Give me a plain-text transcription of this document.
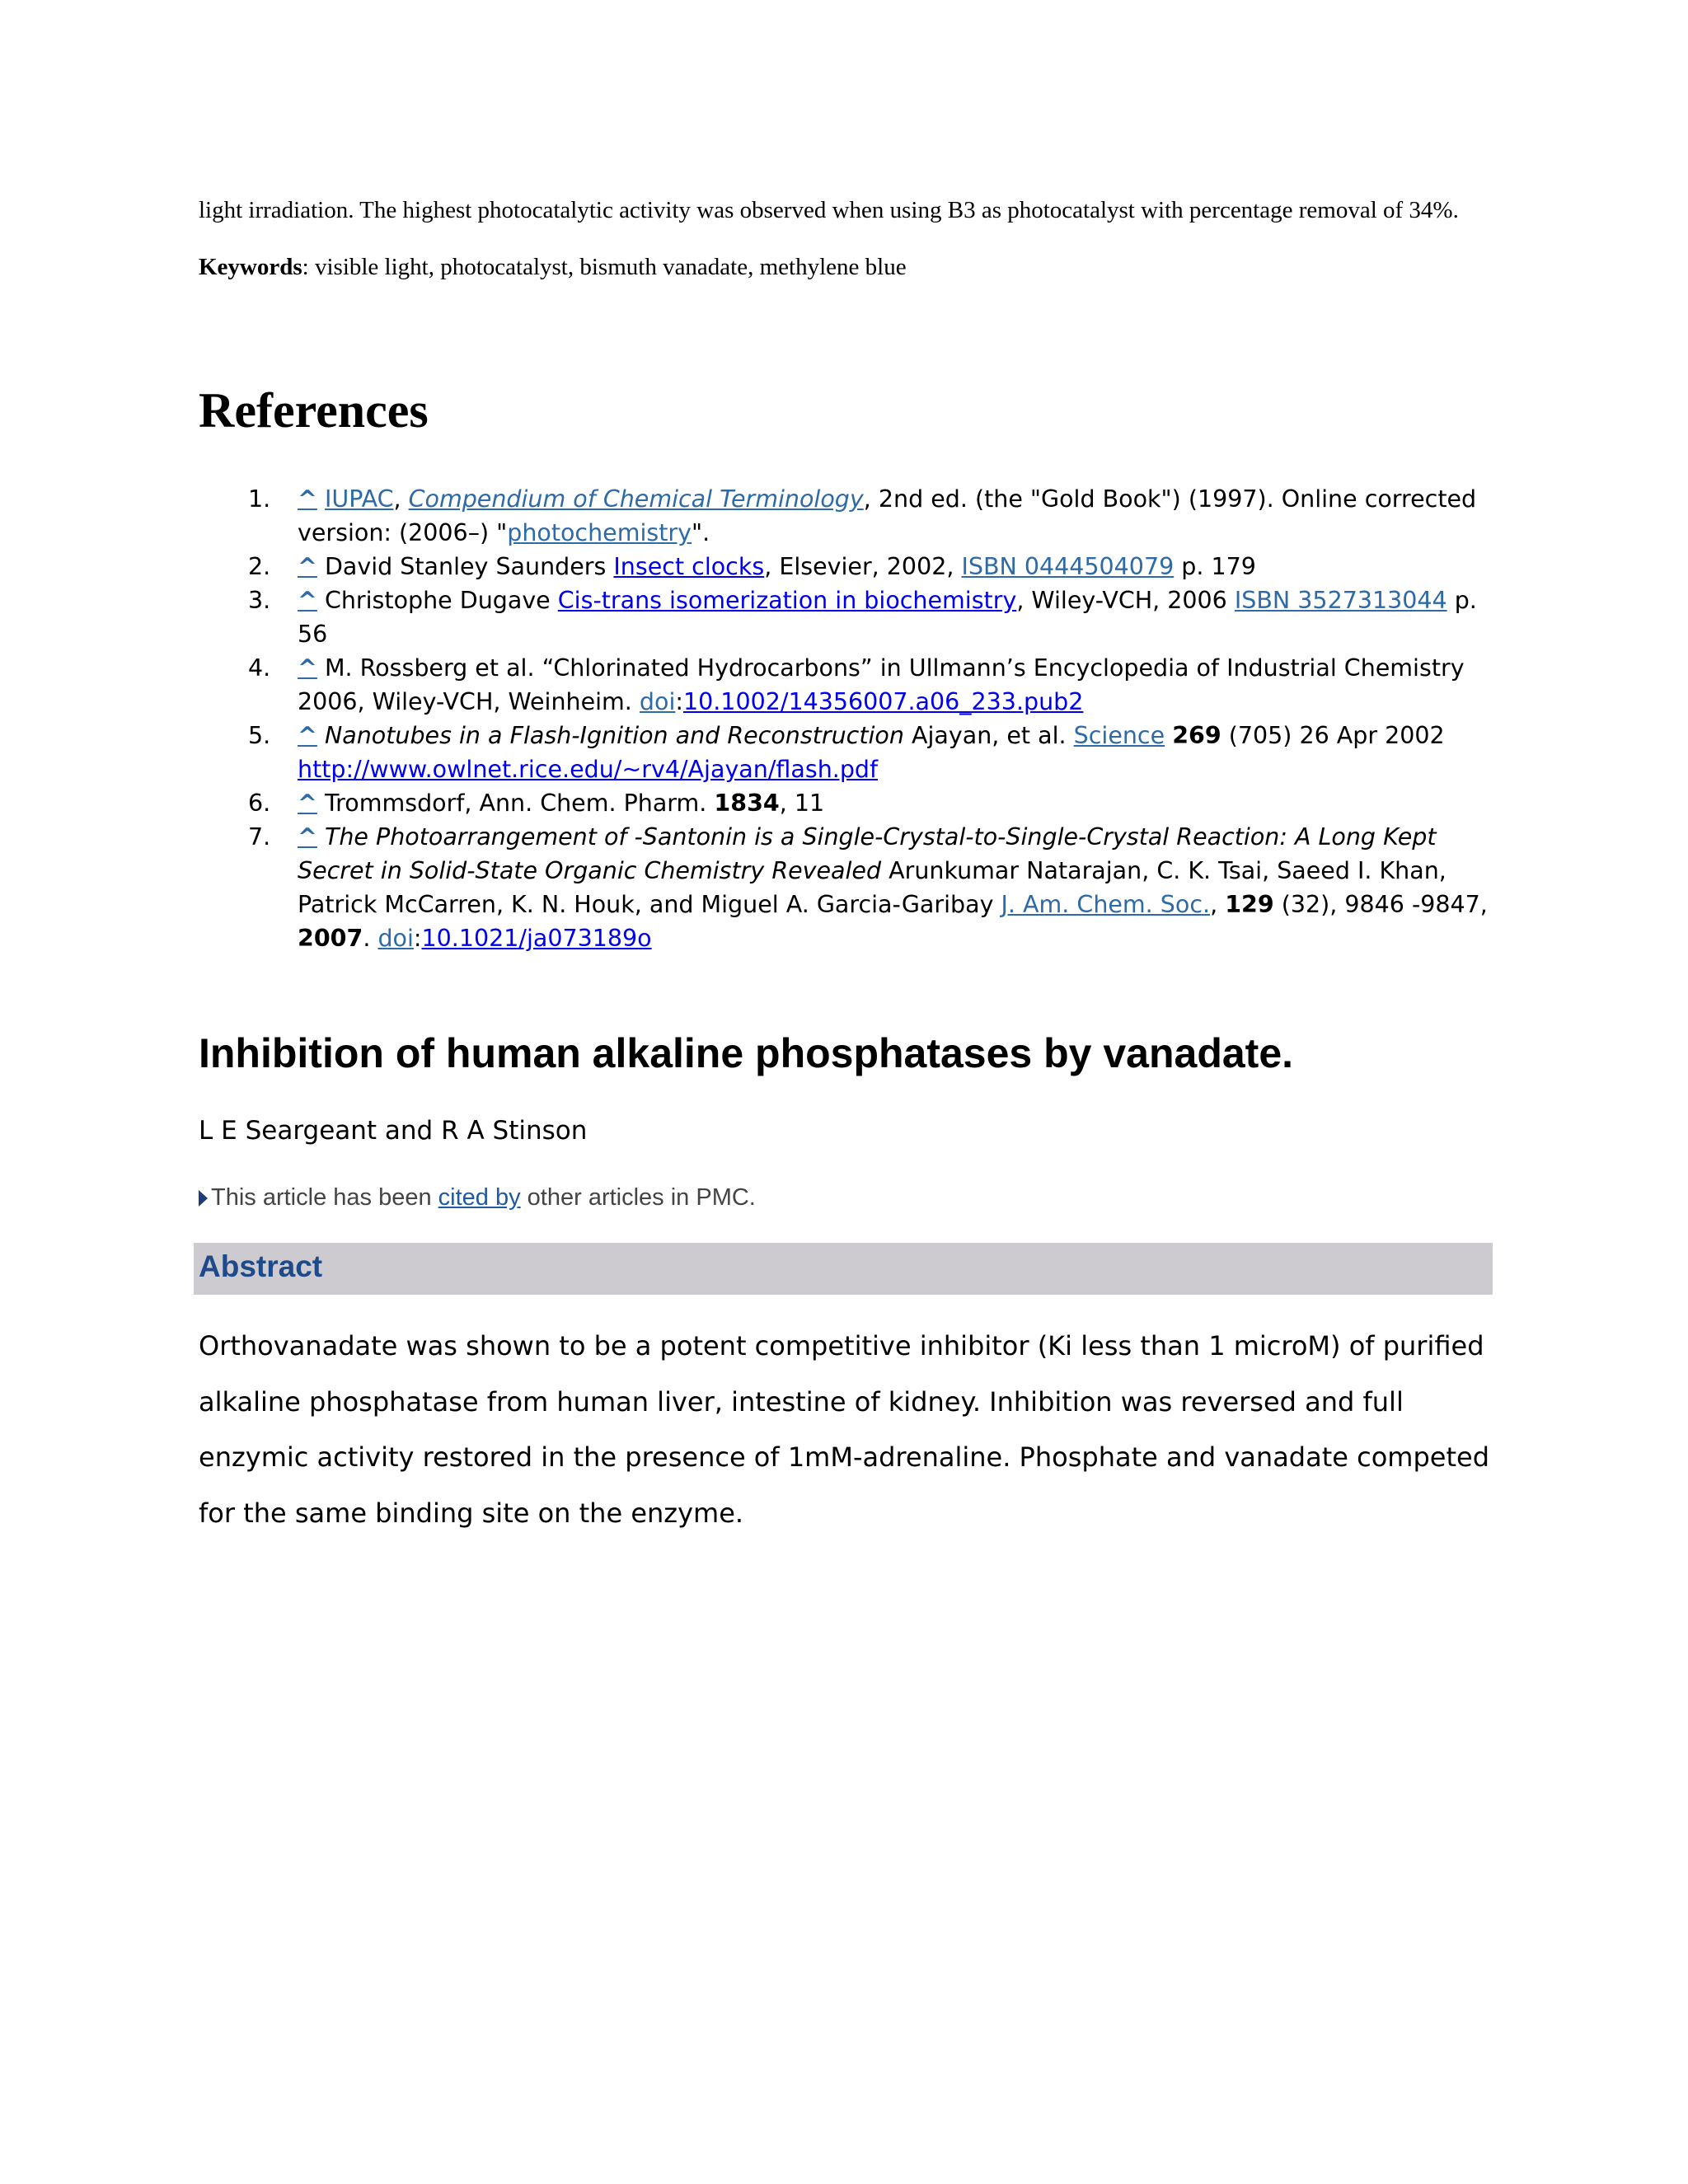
light irradiation. The highest photocatalytic activity was observed when using B3 as photocatalyst with percentage removal of 34%.
Keywords: visible light, photocatalyst, bismuth vanadate, methylene blue
References
1. ^ IUPAC, Compendium of Chemical Terminology, 2nd ed. (the "Gold Book") (1997). Online corrected version: (2006–) "photochemistry".
2. ^ David Stanley Saunders Insect clocks, Elsevier, 2002, ISBN 0444504079 p. 179
3. ^ Christophe Dugave Cis-trans isomerization in biochemistry, Wiley-VCH, 2006 ISBN 3527313044 p. 56
4. ^ M. Rossberg et al. “Chlorinated Hydrocarbons” in Ullmann’s Encyclopedia of Industrial Chemistry 2006, Wiley-VCH, Weinheim. doi:10.1002/14356007.a06_233.pub2
5. ^ Nanotubes in a Flash-Ignition and Reconstruction Ajayan, et al. Science 269 (705) 26 Apr 2002 http://www.owlnet.rice.edu/~rv4/Ajayan/flash.pdf
6. ^ Trommsdorf, Ann. Chem. Pharm. 1834, 11
7. ^ The Photoarrangement of -Santonin is a Single-Crystal-to-Single-Crystal Reaction: A Long Kept Secret in Solid-State Organic Chemistry Revealed Arunkumar Natarajan, C. K. Tsai, Saeed I. Khan, Patrick McCarren, K. N. Houk, and Miguel A. Garcia-Garibay J. Am. Chem. Soc., 129 (32), 9846 -9847, 2007. doi:10.1021/ja073189o
Inhibition of human alkaline phosphatases by vanadate.
L E Seargeant and R A Stinson
This article has been cited by other articles in PMC.
Abstract
Orthovanadate was shown to be a potent competitive inhibitor (Ki less than 1 microM) of purified alkaline phosphatase from human liver, intestine of kidney. Inhibition was reversed and full enzymic activity restored in the presence of 1mM-adrenaline. Phosphate and vanadate competed for the same binding site on the enzyme.
